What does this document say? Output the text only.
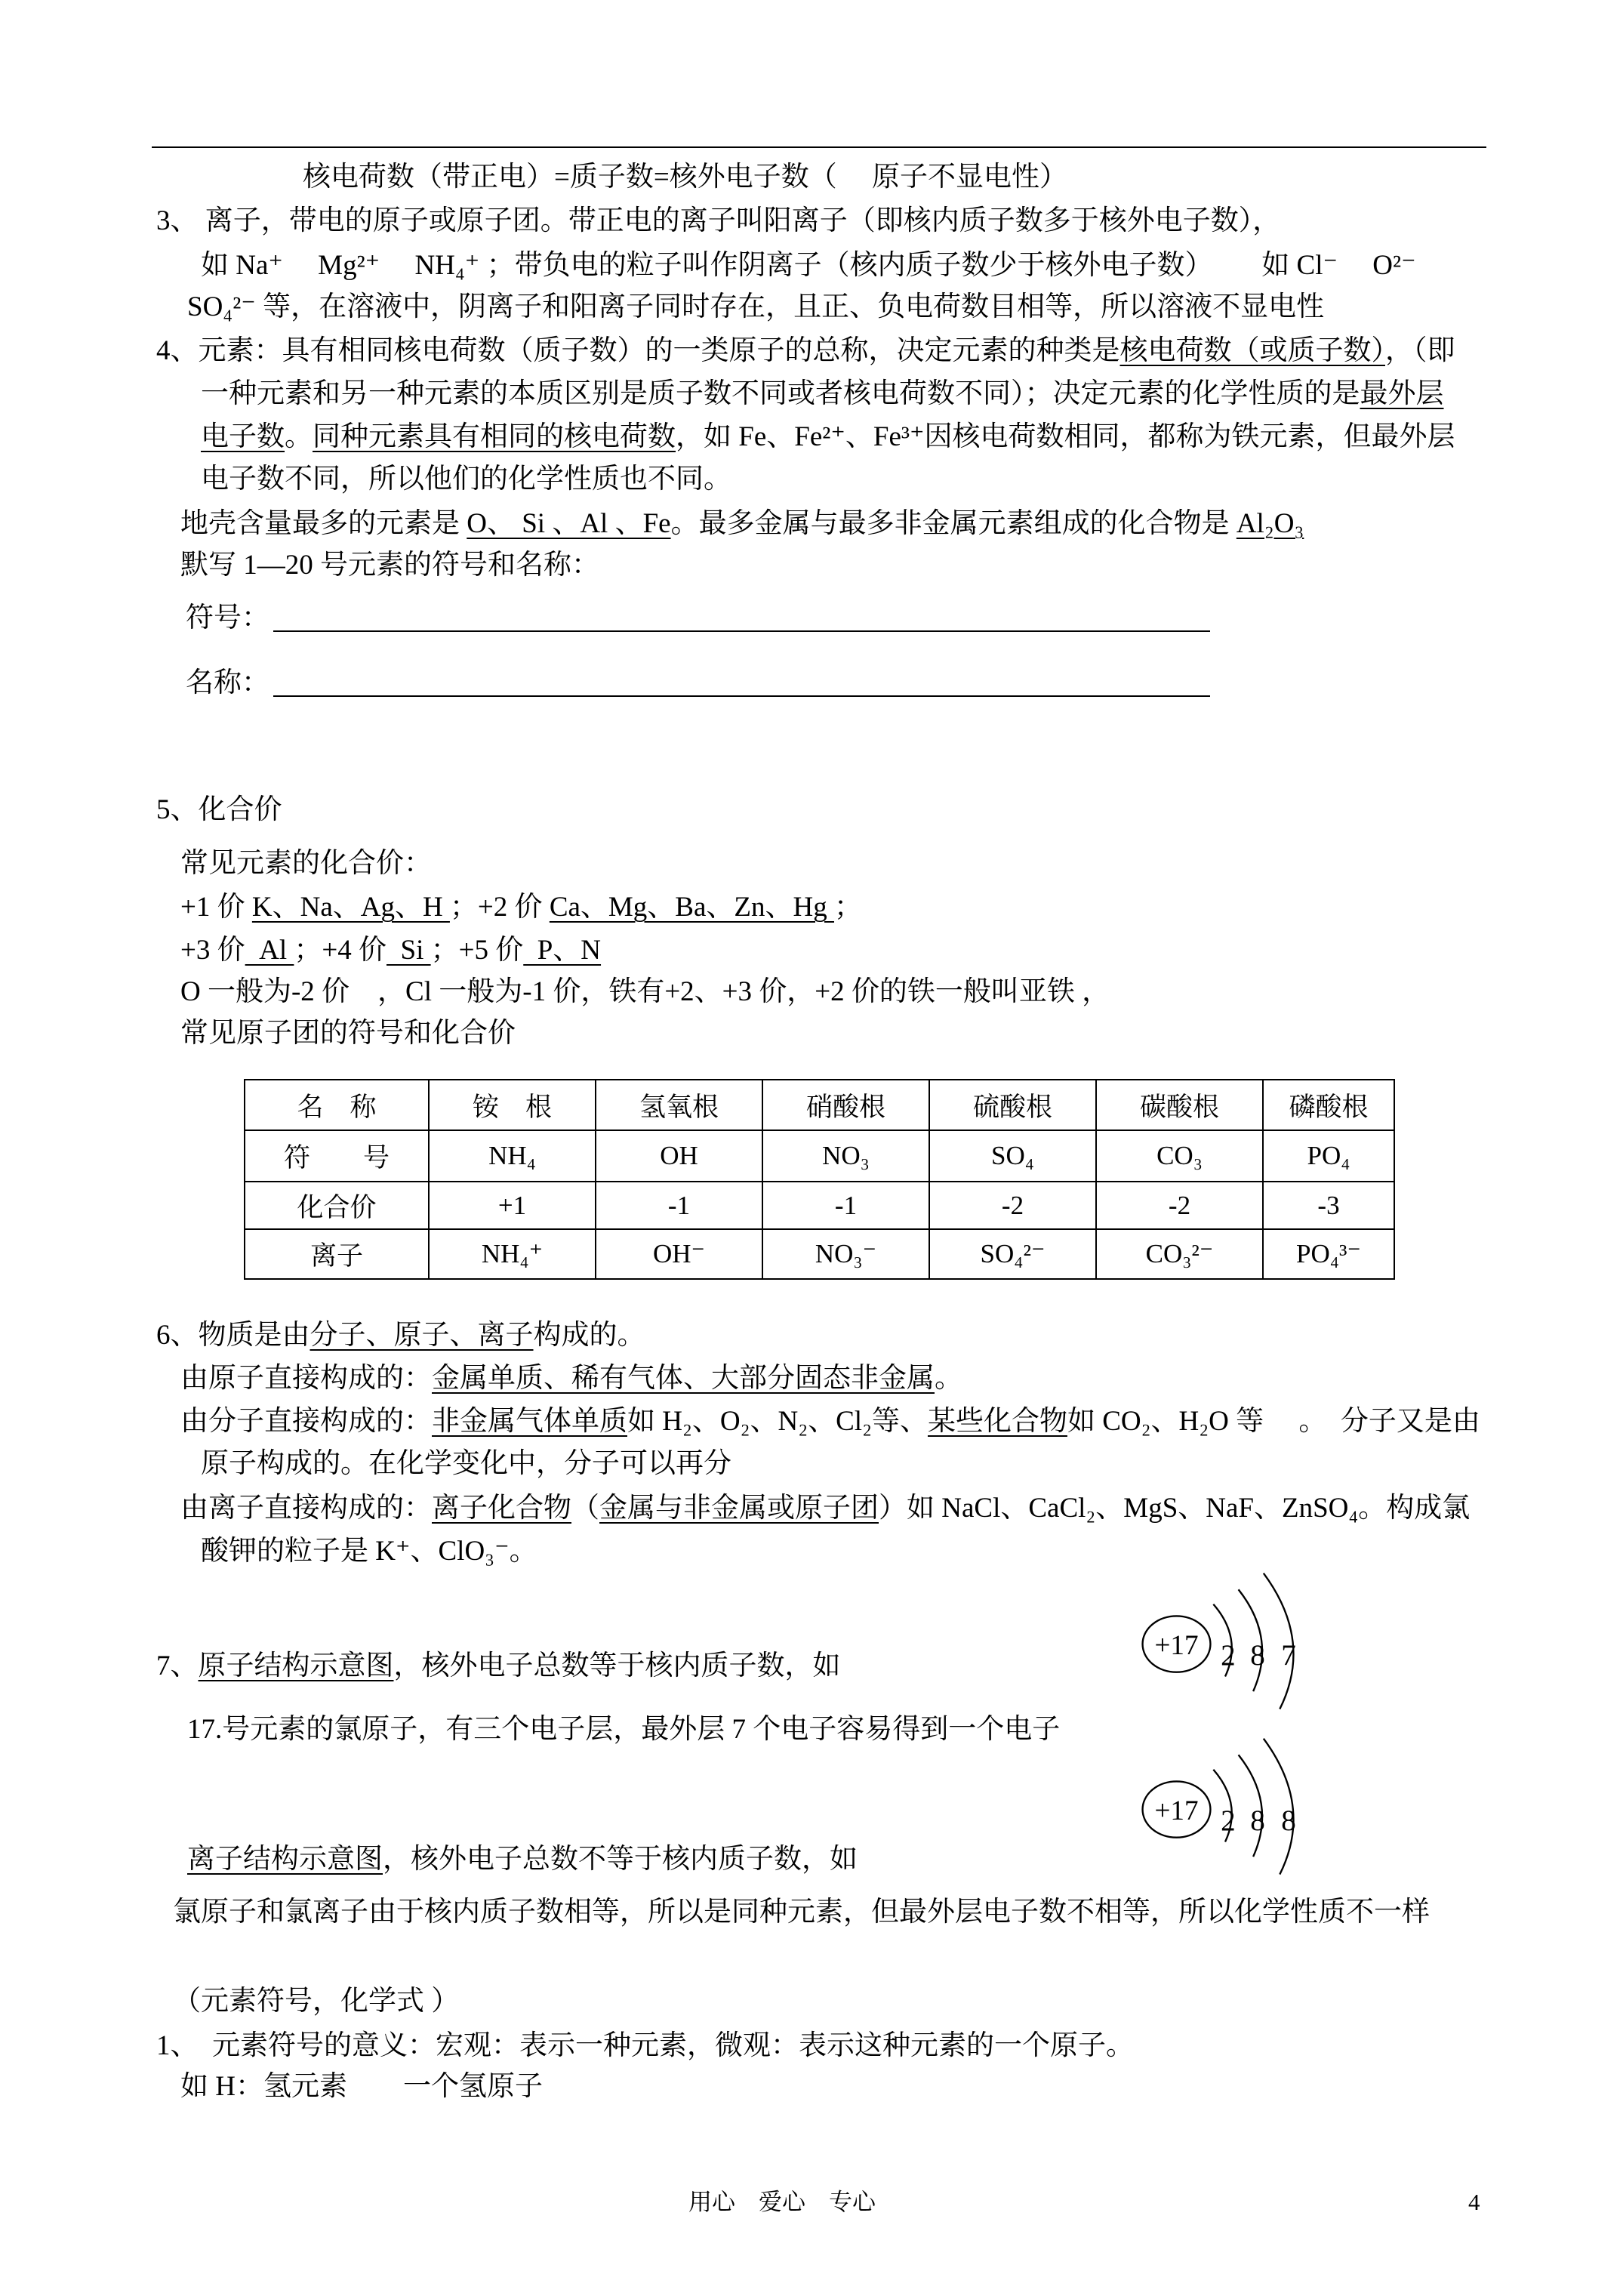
核电荷数（带正电）=质子数=核外电子数（　 原子不显电性）
3、 离子，带电的原子或原子团。带正电的离子叫阳离子（即核内质子数多于核外电子数），
如 Na⁺　 Mg²⁺　 NH₄⁺ ；带负电的粒子叫作阴离子（核内质子数少于核外电子数）　 　如 Cl⁻　 O²⁻
SO₄²⁻ 等，在溶液中，阴离子和阳离子同时存在，且正、负电荷数目相等，所以溶液不显电性
4、元素：具有相同核电荷数（质子数）的一类原子的总称，决定元素的种类是核电荷数（或质子数），（即
一种元素和另一种元素的本质区别是质子数不同或者核电荷数不同）；决定元素的化学性质的是最外层
电子数。同种元素具有相同的核电荷数，如 Fe、Fe²⁺、Fe³⁺因核电荷数相同，都称为铁元素，但最外层
电子数不同，所以他们的化学性质也不同。
地壳含量最多的元素是 O、 Si 、Al 、Fe。最多金属与最多非金属元素组成的化合物是 Al₂O₃
默写 1—20 号元素的符号和名称：
符号：
名称：
5、化合价
常见元素的化合价：
+1 价 K、Na、Ag、H ；+2 价 Ca、Mg、Ba、Zn、Hg ；
+3 价  Al ；+4 价  Si ；+5 价  P、N
O 一般为-2 价　，Cl 一般为-1 价，铁有+2、+3 价，+2 价的铁一般叫亚铁 ，
常见原子团的符号和化合价
名　称	铵　根	氢氧根	硝酸根	硫酸根	碳酸根	磷酸根
符　　号	NH₄	OH	NO₃	SO₄	CO₃	PO₄
化合价	+1	-1	-1	-2	-2	-3
离子	NH₄⁺	OH⁻	NO₃⁻	SO₄²⁻	CO₃²⁻	PO₄³⁻
6、物质是由分子、原子、离子构成的。
由原子直接构成的：金属单质、稀有气体、大部分固态非金属。
由分子直接构成的：非金属气体单质如 H₂、O₂、N₂、Cl₂等、某些化合物如 CO₂、H₂O 等　 。　分子又是由
原子构成的。在化学变化中，分子可以再分
由离子直接构成的：离子化合物（金属与非金属或原子团）如 NaCl、CaCl₂、MgS、NaF、ZnSO₄。构成氯
酸钾的粒子是 K⁺、ClO₃⁻。
7、原子结构示意图，核外电子总数等于核内质子数，如
17.号元素的氯原子，有三个电子层，最外层 7 个电子容易得到一个电子
离子结构示意图，核外电子总数不等于核内质子数，如
氯原子和氯离子由于核内质子数相等，所以是同种元素，但最外层电子数不相等，所以化学性质不一样
+17 2 8 7
+17 2 8 8
（元素符号，化学式 ）
1、　元素符号的意义：宏观：表示一种元素，微观：表示这种元素的一个原子。
如 H：氢元素　　一个氢原子
用心　爱心　专心	4
